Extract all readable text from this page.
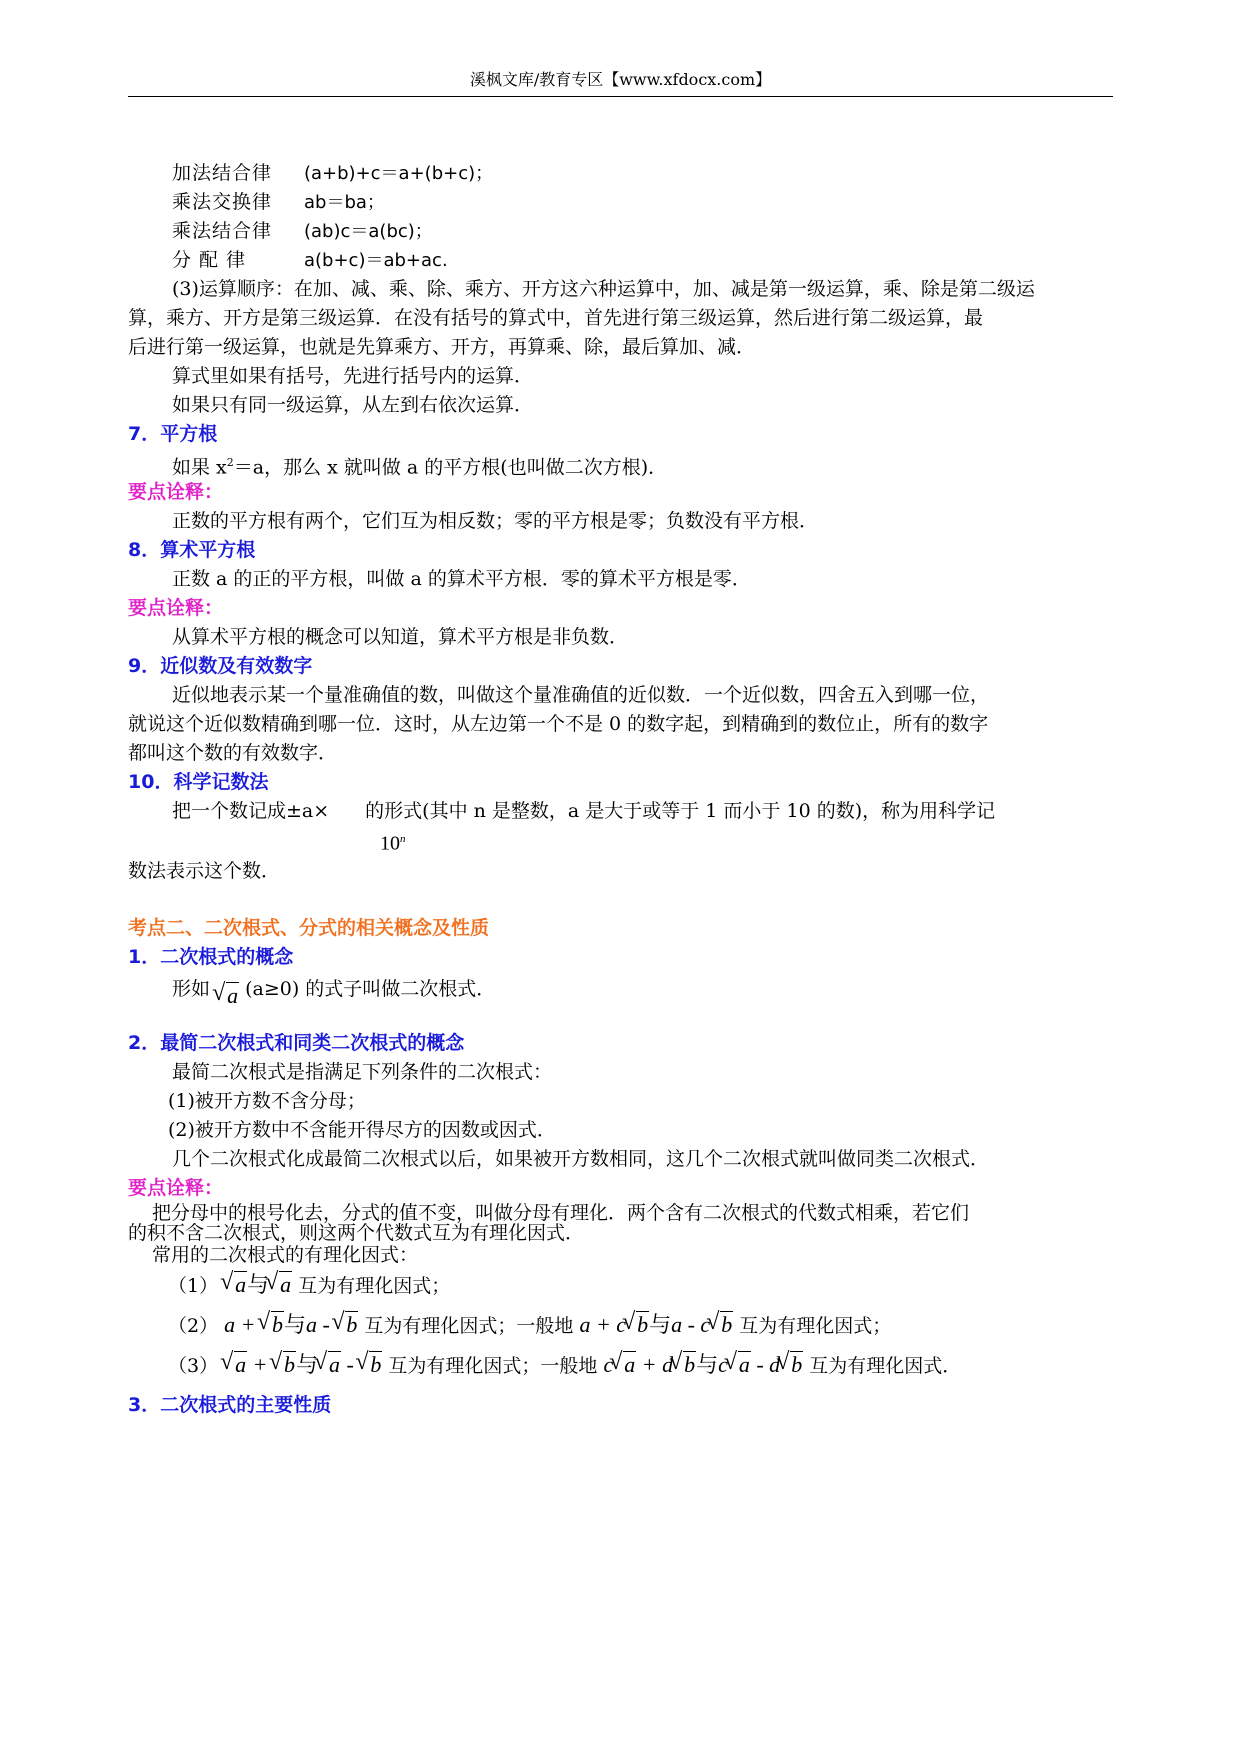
溪枫文库/教育专区【www.xfdocx.com】
加法结合律 (a+b)+c＝a+(b+c)；
乘法交换律 ab＝ba；
乘法结合律 (ab)c＝a(bc)；
分 配 律	a(b+c)＝ab+ac.
(3)运算顺序：在加、减、乘、除、乘方、开方这六种运算中，加、减是第一级运算，乘、除是第二级运
算，乘方、开方是第三级运算．在没有括号的算式中，首先进行第三级运算，然后进行第二级运算，最
后进行第一级运算，也就是先算乘方、开方，再算乘、除，最后算加、减．
算式里如果有括号，先进行括号内的运算．
如果只有同一级运算，从左到右依次运算．
7．平方根
如果 $x^2=a$，那么 x 就叫做 a 的平方根(也叫做二次方根)．
要点诠释：
正数的平方根有两个，它们互为相反数；零的平方根是零；负数没有平方根．
8．算术平方根
正数 a 的正的平方根，叫做 a 的算术平方根．零的算术平方根是零．
要点诠释：
从算术平方根的概念可以知道，算术平方根是非负数．
9．近似数及有效数字
近似地表示某一个量准确值的数，叫做这个量准确值的近似数．一个近似数，四舍五入到哪一位，
就说这个近似数精确到哪一位．这时，从左边第一个不是 0 的数字起，到精确到的数位止，所有的数字
都叫这个数的有效数字．
10．科学记数法
把一个数记成±a×
$10^n$
的形式(其中 n 是整数，a 是大于或等于 1 而小于 10 的数)，称为用科学记
数法表示这个数．
考点二、二次根式、分式的相关概念及性质
1．二次根式的概念
形如 √ a (a≥0) 的式子叫做二次根式．
2．最简二次根式和同类二次根式的概念
最简二次根式是指满足下列条件的二次根式：
(1)被开方数不含分母；
(2)被开方数中不含能开得尽方的因数或因式．
几个二次根式化成最简二次根式以后，如果被开方数相同，这几个二次根式就叫做同类二次根式．
要点诠释：
把分母中的根号化去，分式的值不变，叫做分母有理化．两个含有二次根式的代数式相乘，若它们
的积不含二次根式，则这两个代数式互为有理化因式．
常用的二次根式的有理化因式：
（1） √ a与 √ a 互为有理化因式；
（2） a + √ b与a - √ b 互为有理化因式；一般地 a + c √ b与a - c √ b 互为有理化因式；
（3） √ a + √ b与 √ a - √ b 互为有理化因式；一般地 c √ a + d √ b与c √ a - d √ b 互为有理化因式．
3．二次根式的主要性质
